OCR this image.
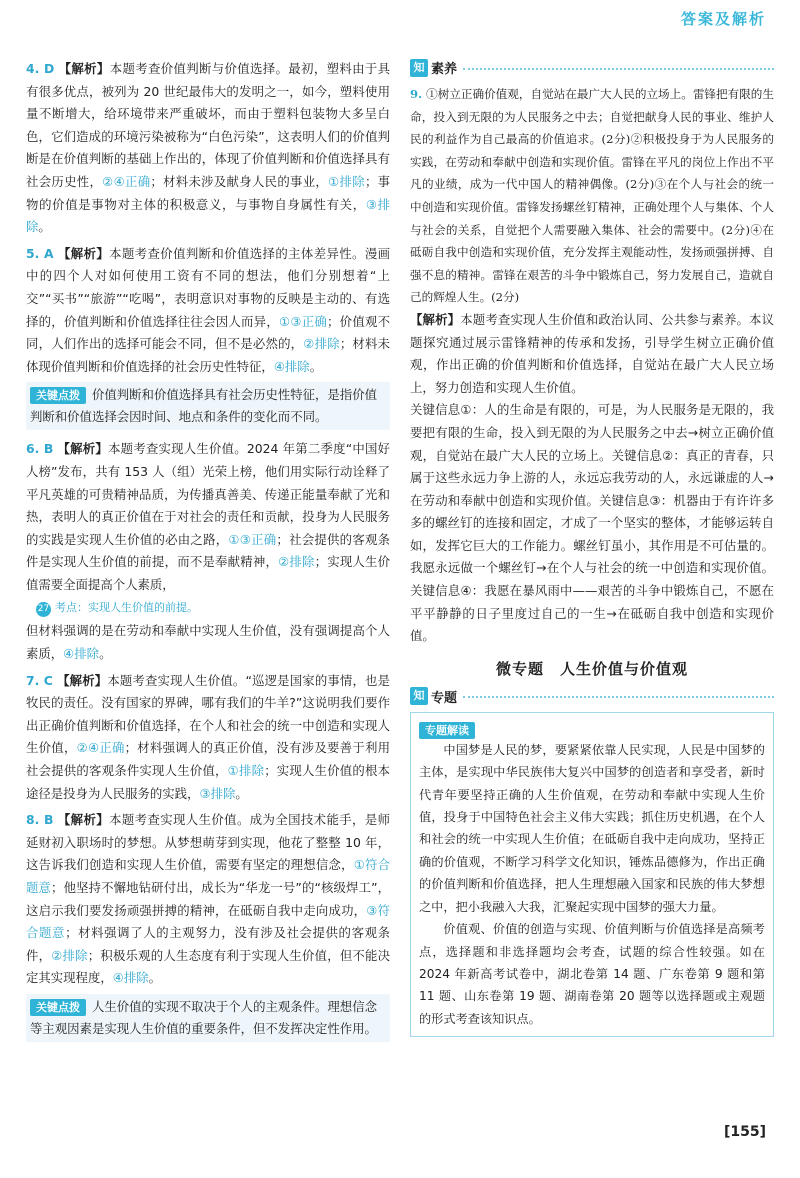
答案及解析
4. D 【解析】本题考查价值判断与价值选择。最初，塑料由于具有很多优点，被列为 20 世纪最伟大的发明之一，如今，塑料使用量不断增大，给环境带来严重破坏，而由于塑料包装物大多呈白色，它们造成的环境污染被称为“白色污染”，这表明人们的价值判断是在价值判断的基础上作出的，体现了价值判断和价值选择具有社会历史性，②④正确；材料未涉及献身人民的事业，①排除；事物的价值是事物对主体的积极意义，与事物自身属性有关，③排除。
5. A 【解析】本题考查价值判断和价值选择的主体差异性。漫画中的四个人对如何使用工资有不同的想法，他们分别想着“上交”“买书”“旅游”“吃喝”，表明意识对事物的反映是主动的、有选择的，价值判断和价值选择往往会因人而异，①③正确；价值观不同，人们作出的选择可能会不同，但不是必然的，②排除；材料未体现价值判断和价值选择的社会历史性特征，④排除。
关键点拨 价值判断和价值选择具有社会历史性特征，是指价值判断和价值选择会因时间、地点和条件的变化而不同。
6. B 【解析】本题考查实现人生价值。2024 年第二季度“中国好人榜”发布，共有 153 人（组）光荣上榜，他们用实际行动诠释了平凡英雄的可贵精神品质，为传播真善美、传递正能量奉献了光和热，表明人的真正价值在于对社会的责任和贡献，投身为人民服务的实践是实现人生价值的必由之路，①③正确；社会提供的客观条件是实现人生价值的前提，而不是奉献精神，②排除；实现人生价值需要全面提高个人素质，
27 考点：实现人生价值的前提。
但材料强调的是在劳动和奉献中实现人生价值，没有强调提高个人素质，④排除。
7. C 【解析】本题考查实现人生价值。“巡逻是国家的事情，也是牧民的责任。没有国家的界碑，哪有我们的牛羊?”这说明我们要作出正确价值判断和价值选择，在个人和社会的统一中创造和实现人生价值，②④正确；材料强调人的真正价值，没有涉及要善于利用社会提供的客观条件实现人生价值，①排除；实现人生价值的根本途径是投身为人民服务的实践，③排除。
8. B 【解析】本题考查实现人生价值。成为全国技术能手，是师延财初入职场时的梦想。从梦想萌芽到实现，他花了整整 10 年，这告诉我们创造和实现人生价值，需要有坚定的理想信念，①符合题意；他坚持不懈地钻研付出，成长为“华龙一号”的“核级焊工”，这启示我们要发扬顽强拼搏的精神，在砥砺自我中走向成功，③符合题意；材料强调了人的主观努力，没有涉及社会提供的客观条件，②排除；积极乐观的人生态度有利于实现人生价值，但不能决定其实现程度，④排除。
关键点拨 人生价值的实现不取决于个人的主观条件。理想信念等主观因素是实现人生价值的重要条件，但不发挥决定性作用。
知 素养

9. ①树立正确价值观，自觉站在最广大人民的立场上。雷锋把有限的生命，投入到无限的为人民服务之中去；自觉把献身人民的事业、维护人民的利益作为自己最高的价值追求。(2分)②积极投身于为人民服务的实践，在劳动和奉献中创造和实现价值。雷锋在平凡的岗位上作出不平凡的业绩，成为一代中国人的精神偶像。(2分)③在个人与社会的统一中创造和实现价值。雷锋发扬螺丝钉精神，正确处理个人与集体、个人与社会的关系，自觉把个人需要融入集体、社会的需要中。(2分)④在砥砺自我中创造和实现价值，充分发挥主观能动性，发扬顽强拼搏、自强不息的精神。雷锋在艰苦的斗争中锻炼自己，努力发展自己，造就自己的辉煌人生。(2分)

【解析】本题考查实现人生价值和政治认同、公共参与素养。本议题探究通过展示雷锋精神的传承和发扬，引导学生树立正确价值观，作出正确的价值判断和价值选择，自觉站在最广大人民立场上，努力创造和实现人生价值。

关键信息①：人的生命是有限的，可是，为人民服务是无限的，我要把有限的生命，投入到无限的为人民服务之中去→树立正确价值观，自觉站在最广大人民的立场上。关键信息②：真正的青春，只属于这些永远力争上游的人，永远忘我劳动的人，永远谦虚的人→在劳动和奉献中创造和实现价值。关键信息③：机器由于有许许多多的螺丝钉的连接和固定，才成了一个坚实的整体，才能够运转自如，发挥它巨大的工作能力。螺丝钉虽小，其作用是不可估量的。我愿永远做一个螺丝钉→在个人与社会的统一中创造和实现价值。关键信息④：我愿在暴风雨中——艰苦的斗争中锻炼自己，不愿在平平静静的日子里度过自己的一生→在砥砺自我中创造和实现价值。

微专题　人生价值与价值观
知 专题
专题解读

中国梦是人民的梦，要紧紧依靠人民实现，人民是中国梦的主体，是实现中华民族伟大复兴中国梦的创造者和享受者，新时代青年要坚持正确的人生价值观，在劳动和奉献中实现人生价值，投身于中国特色社会主义伟大实践；抓住历史机遇，在个人和社会的统一中实现人生价值；在砥砺自我中走向成功，坚持正确的价值观，不断学习科学文化知识，锤炼品德修为，作出正确的价值判断和价值选择，把人生理想融入国家和民族的伟大梦想之中，把小我融入大我，汇聚起实现中国梦的强大力量。

价值观、价值的创造与实现、价值判断与价值选择是高频考点，选择题和非选择题均会考查，试题的综合性较强。如在 2024 年新高考试卷中，湖北卷第 14 题、广东卷第 9 题和第 11 题、山东卷第 19 题、湖南卷第 20 题等以选择题或主观题的形式考查该知识点。

[155]
